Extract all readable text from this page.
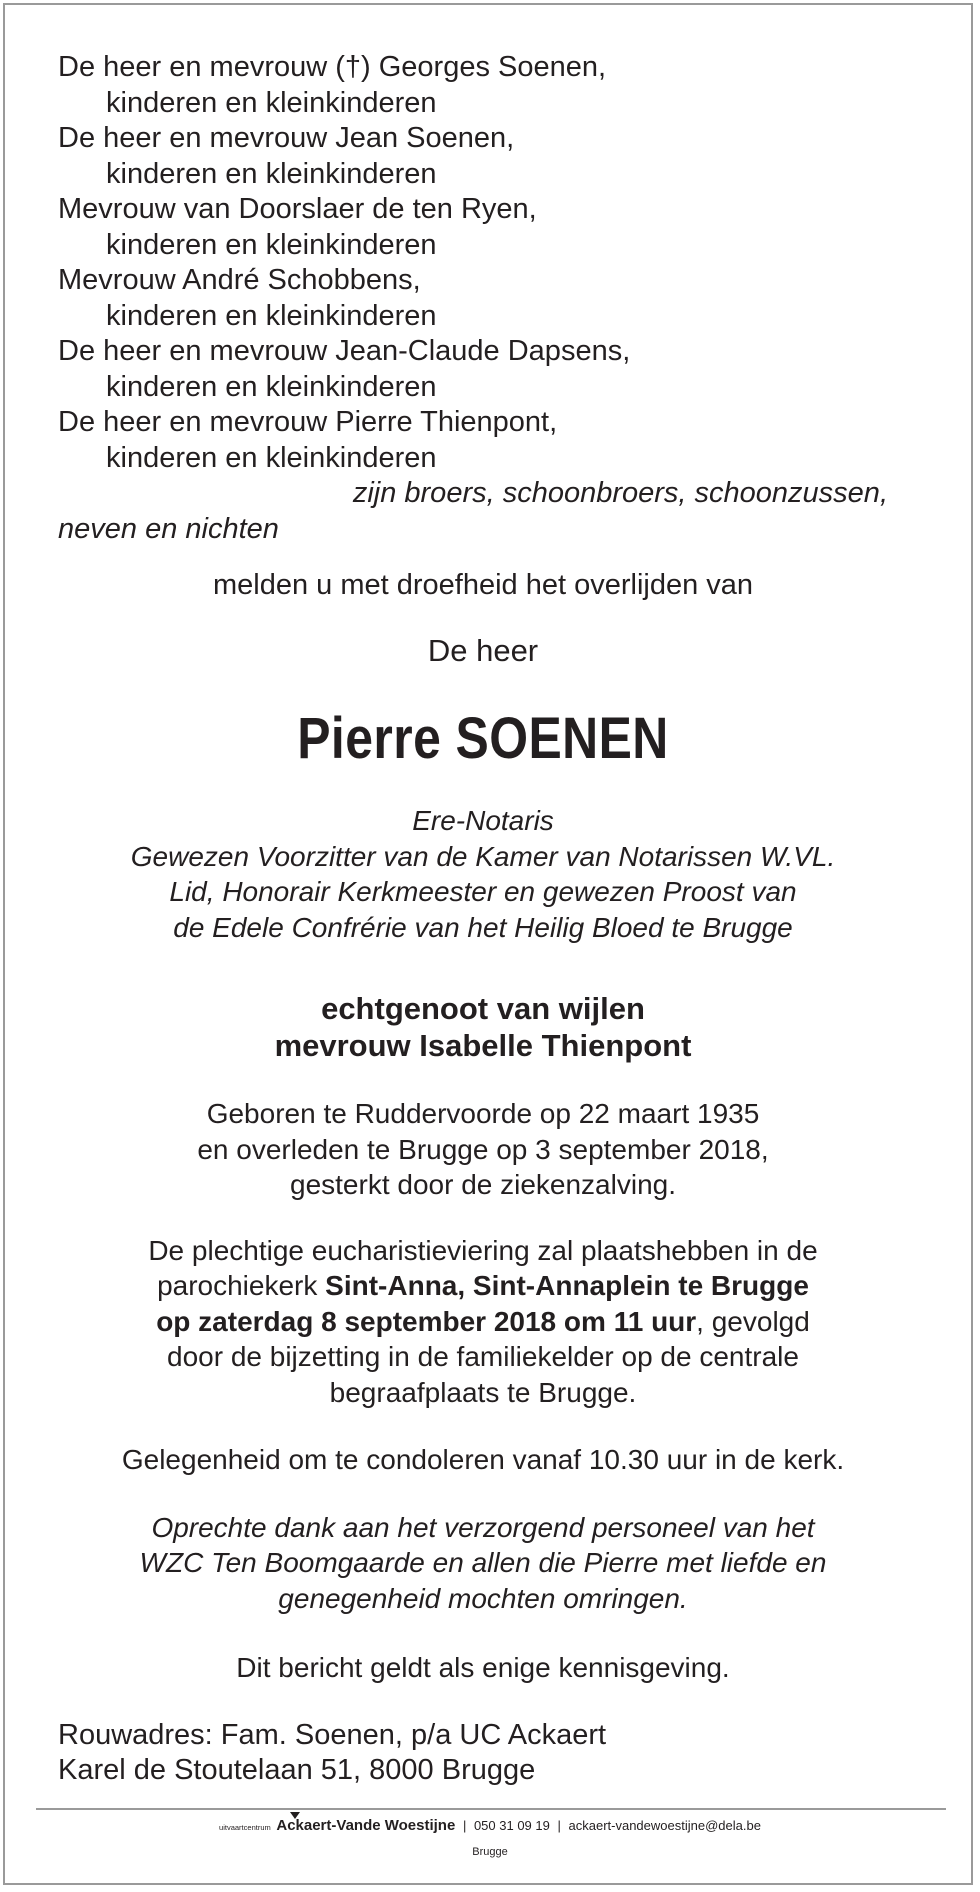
De heer en mevrouw (†) Georges Soenen,

kinderen en kleinkinderen

De heer en mevrouw Jean Soenen,

kinderen en kleinkinderen

Mevrouw van Doorslaer de ten Ryen,

kinderen en kleinkinderen

Mevrouw André Schobbens,

kinderen en kleinkinderen

De heer en mevrouw Jean-Claude Dapsens,

kinderen en kleinkinderen

De heer en mevrouw Pierre Thienpont,

kinderen en kleinkinderen

zijn broers, schoonbroers, schoonzussen,
neven en nichten

melden u met droefheid het overlijden van

De heer

Pierre SOENEN

Ere-Notaris

Gewezen Voorzitter van de Kamer van Notarissen W.VL.

Lid, Honorair Kerkmeester en gewezen Proost van

de Edele Confrérie van het Heilig Bloed te Brugge

echtgenoot van wijlen

mevrouw Isabelle Thienpont

Geboren te Ruddervoorde op 22 maart 1935

en overleden te Brugge op 3 september 2018,

gesterkt door de ziekenzalving.

De plechtige eucharistieviering zal plaatshebben in de

parochiekerk Sint-Anna, Sint-Annaplein te Brugge

op zaterdag 8 september 2018 om 11 uur, gevolgd

door de bijzetting in de familiekelder op de centrale

begraafplaats te Brugge.

Gelegenheid om te condoleren vanaf 10.30 uur in de kerk.

Oprechte dank aan het verzorgend personeel van het

WZC Ten Boomgaarde en allen die Pierre met liefde en

genegenheid mochten omringen.

Dit bericht geldt als enige kennisgeving.

Rouwadres: Fam. Soenen, p/a UC Ackaert

Karel de Stoutelaan 51, 8000 Brugge

uitvaartcentrum Ackaert-Vande Woestijne | 050 31 09 19 | ackaert-vandewoestijne@dela.be
Brugge
